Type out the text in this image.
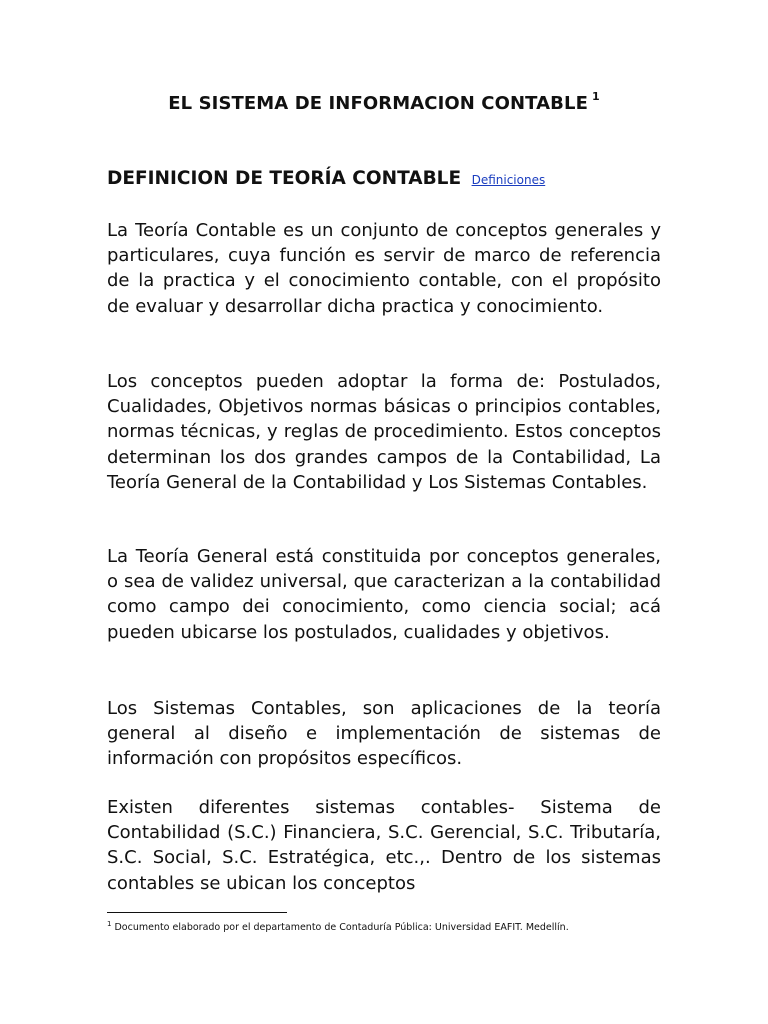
EL SISTEMA DE INFORMACION CONTABLE $^1$
DEFINICION DE TEORÍA CONTABLE Definiciones

La Teoría Contable es un conjunto de conceptos generales y particulares, cuya función es servir de marco de referencia de la practica y el conocimiento contable, con el propósito de evaluar y desarrollar dicha practica y conocimiento.

Los conceptos pueden adoptar la forma de: Postulados, Cualidades, Objetivos normas básicas o principios contables, normas técnicas, y reglas de procedimiento. Estos conceptos determinan los dos grandes campos de la Contabilidad, La Teoría General de la Contabilidad y Los Sistemas Contables.

La Teoría General está constituida por conceptos generales, o sea de validez universal, que caracterizan a la contabilidad como campo dei conocimiento, como ciencia social; acá pueden ubicarse los postulados, cualidades y objetivos.

Los Sistemas Contables, son aplicaciones de la teoría general al diseño e implementación de sistemas de información con propósitos específicos.

Existen diferentes sistemas contables- Sistema de Contabilidad (S.C.) Financiera, S.C. Gerencial, S.C. Tributaría, S.C. Social, S.C. Estratégica, etc.,. Dentro de los sistemas contables se ubican los conceptos

$^1$ Documento elaborado por el departamento de Contaduría Pública: Universidad EAFIT. Medellín.
